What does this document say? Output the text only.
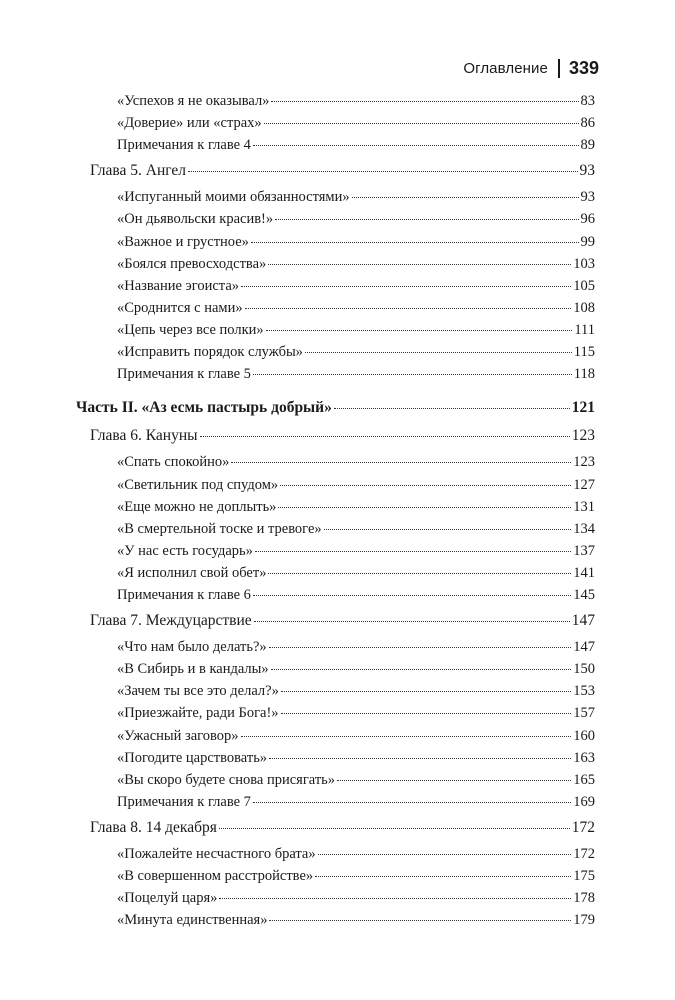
Оглавление 339
«Успехов я не оказывал»	83
«Доверие» или «страх»	86
Примечания к главе 4	89
Глава 5. Ангел	93
«Испуганный моими обязанностями»	93
«Он дьявольски красив!»	96
«Важное и грустное»	99
«Боялся превосходства»	103
«Название эгоиста»	105
«Сроднится с нами»	108
«Цепь через все полки»	111
«Исправить порядок службы»	115
Примечания к главе 5	118
Часть II. «Аз есмь пастырь добрый»	121
Глава 6. Кануны	123
«Спать спокойно»	123
«Светильник под спудом»	127
«Еще можно не доплыть»	131
«В смертельной тоске и тревоге»	134
«У нас есть государь»	137
«Я исполнил свой обет»	141
Примечания к главе 6	145
Глава 7. Междуцарствие	147
«Что нам было делать?»	147
«В Сибирь и в кандалы»	150
«Зачем ты все это делал?»	153
«Приезжайте, ради Бога!»	157
«Ужасный заговор»	160
«Погодите царствовать»	163
«Вы скоро будете снова присягать»	165
Примечания к главе 7	169
Глава 8. 14 декабря	172
«Пожалейте несчастного брата»	172
«В совершенном расстройстве»	175
«Поцелуй царя»	178
«Минута единственная»	179
